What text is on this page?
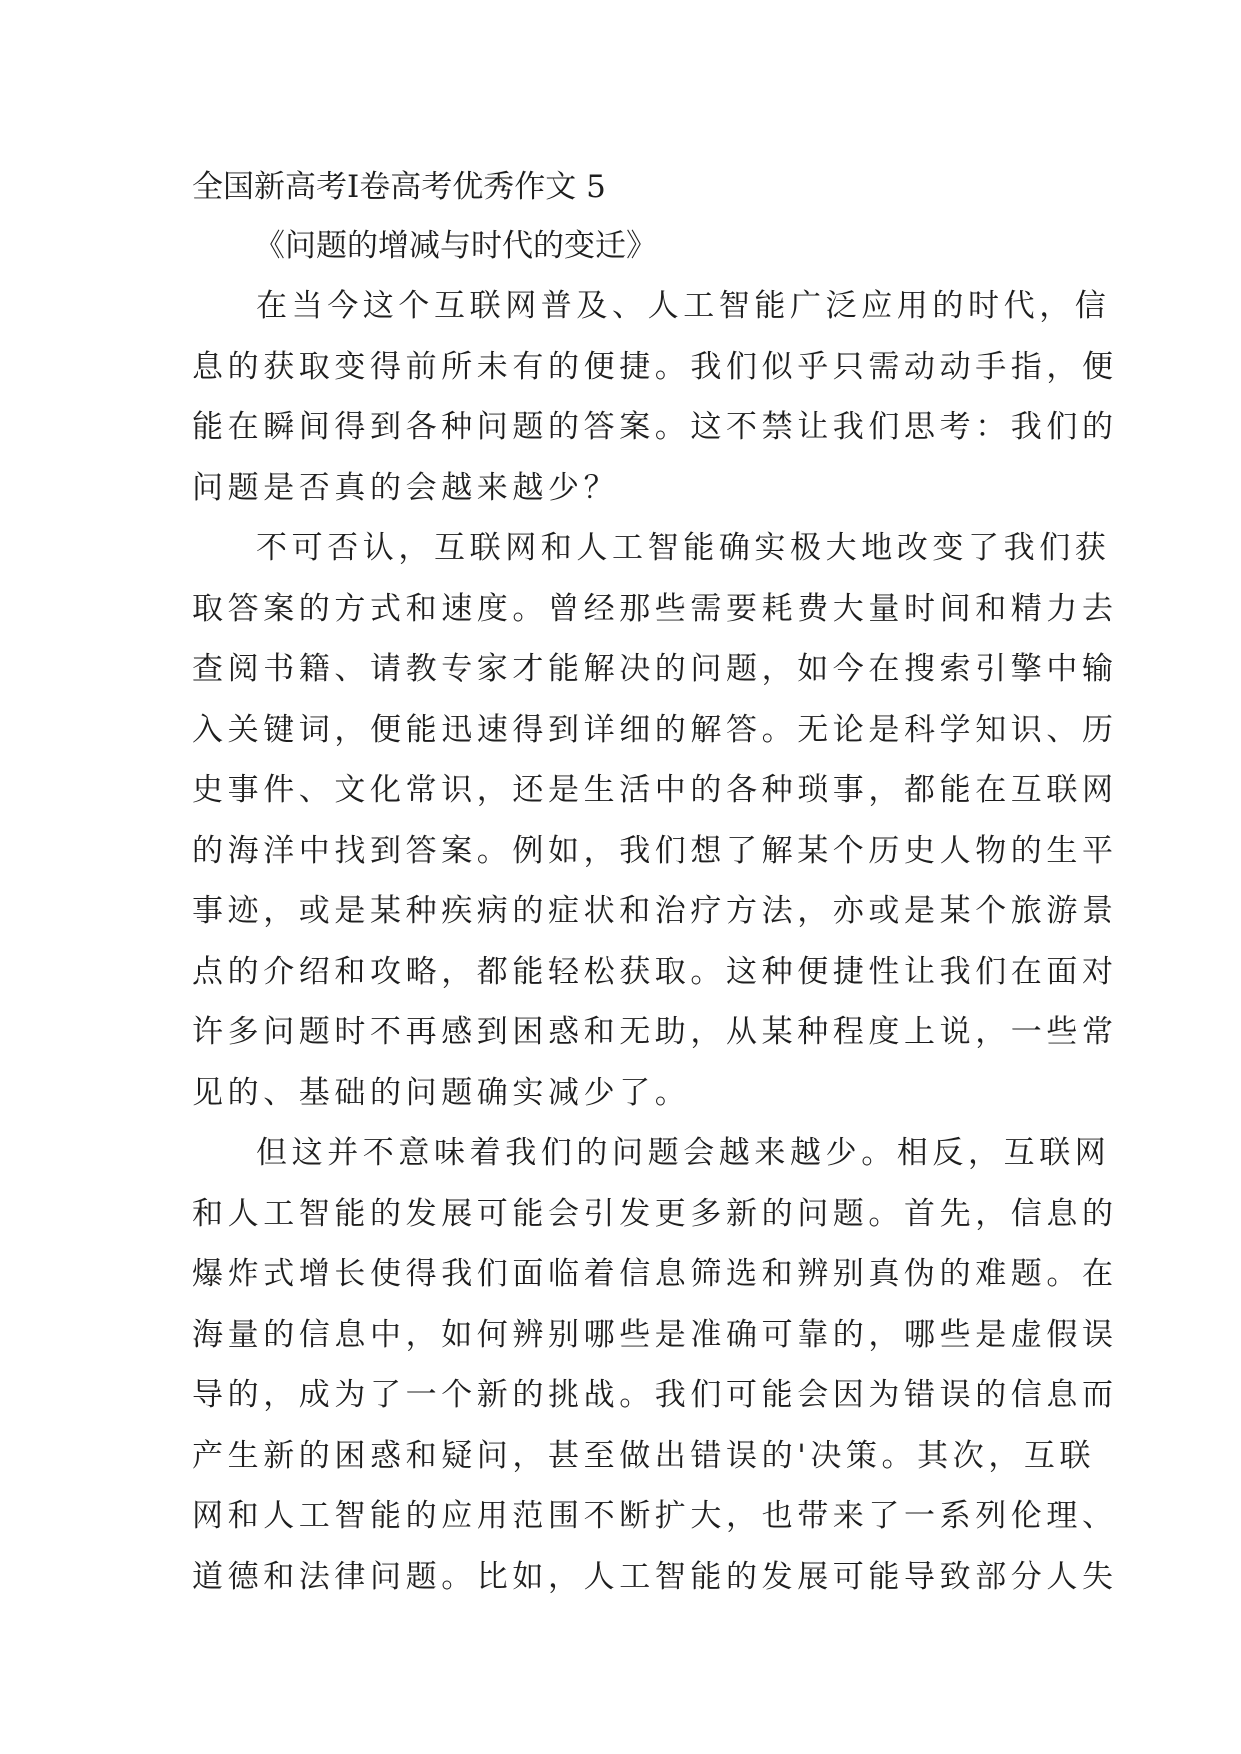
全国新高考Ⅰ卷高考优秀作文 5
《问题的增减与时代的变迁》
在当今这个互联网普及、人工智能广泛应用的时代，信
息的获取变得前所未有的便捷。我们似乎只需动动手指，便
能在瞬间得到各种问题的答案。这不禁让我们思考：我们的
问题是否真的会越来越少？
不可否认，互联网和人工智能确实极大地改变了我们获
取答案的方式和速度。曾经那些需要耗费大量时间和精力去
查阅书籍、请教专家才能解决的问题，如今在搜索引擎中输
入关键词，便能迅速得到详细的解答。无论是科学知识、历
史事件、文化常识，还是生活中的各种琐事，都能在互联网
的海洋中找到答案。例如，我们想了解某个历史人物的生平
事迹，或是某种疾病的症状和治疗方法，亦或是某个旅游景
点的介绍和攻略，都能轻松获取。这种便捷性让我们在面对
许多问题时不再感到困惑和无助，从某种程度上说，一些常
见的、基础的问题确实减少了。
但这并不意味着我们的问题会越来越少。相反，互联网
和人工智能的发展可能会引发更多新的问题。首先，信息的
爆炸式增长使得我们面临着信息筛选和辨别真伪的难题。在
海量的信息中，如何辨别哪些是准确可靠的，哪些是虚假误
导的，成为了一个新的挑战。我们可能会因为错误的信息而
产生新的困惑和疑问，甚至做出错误的'决策。其次，互联
网和人工智能的应用范围不断扩大，也带来了一系列伦理、
道德和法律问题。比如，人工智能的发展可能导致部分人失
